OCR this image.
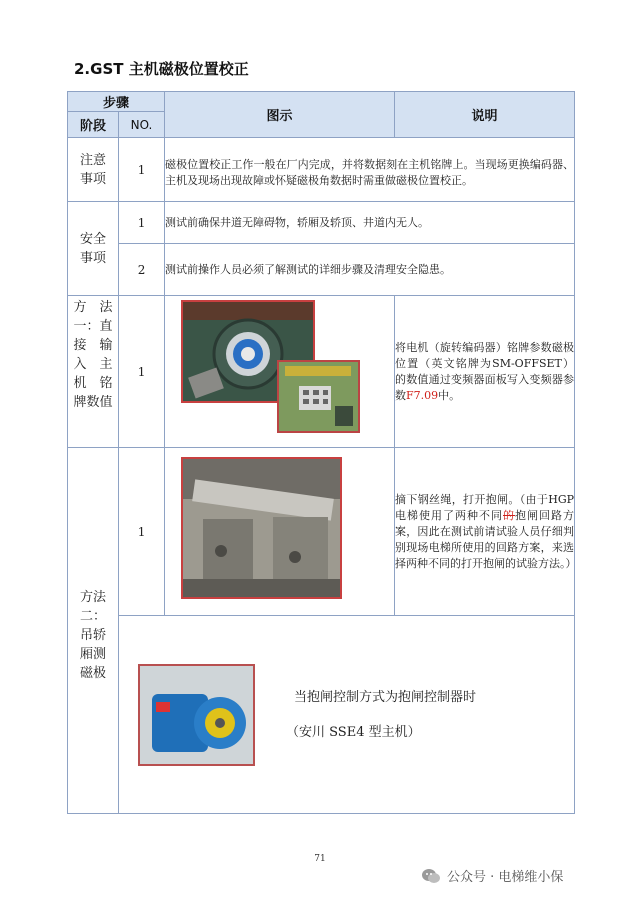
2.GST 主机磁极位置校正
步骤		图示	说明
阶段	NO.		

注意事项	1	磁极位置校正工作一般在厂内完成，并将数据刻在主机铭牌上。当现场更换编码器、主机及现场出现故障或怀疑磁极角数据时需重做磁极位置校正。	

安全事项	1	测试前确保井道无障碍物，轿厢及轿顶、井道内无人。	
	2	测试前操作人员必须了解测试的详细步骤及清理安全隐患。	

方 法一：直 接输 入主 机铭 牌数值	1		将电机（旋转编码器）铭牌参数磁极位置（英文铭牌为SM-OFFSET）的数值通过变频器面板写入变频器参数F7.09中。

方法二：吊轿厢测磁极	1		摘下钢丝绳，打开抱闸。（由于HGP 电梯使用了两种不同的抱闸回路方案，因此在测试前请试验人员仔细判别现场电梯所使用的回路方案，来选择两种不同的打开抱闸的试验方法。）

	当抱闸控制方式为抱闸控制器时
（安川 SSE4 型主机）		
71
公众号 · 电梯维小保
